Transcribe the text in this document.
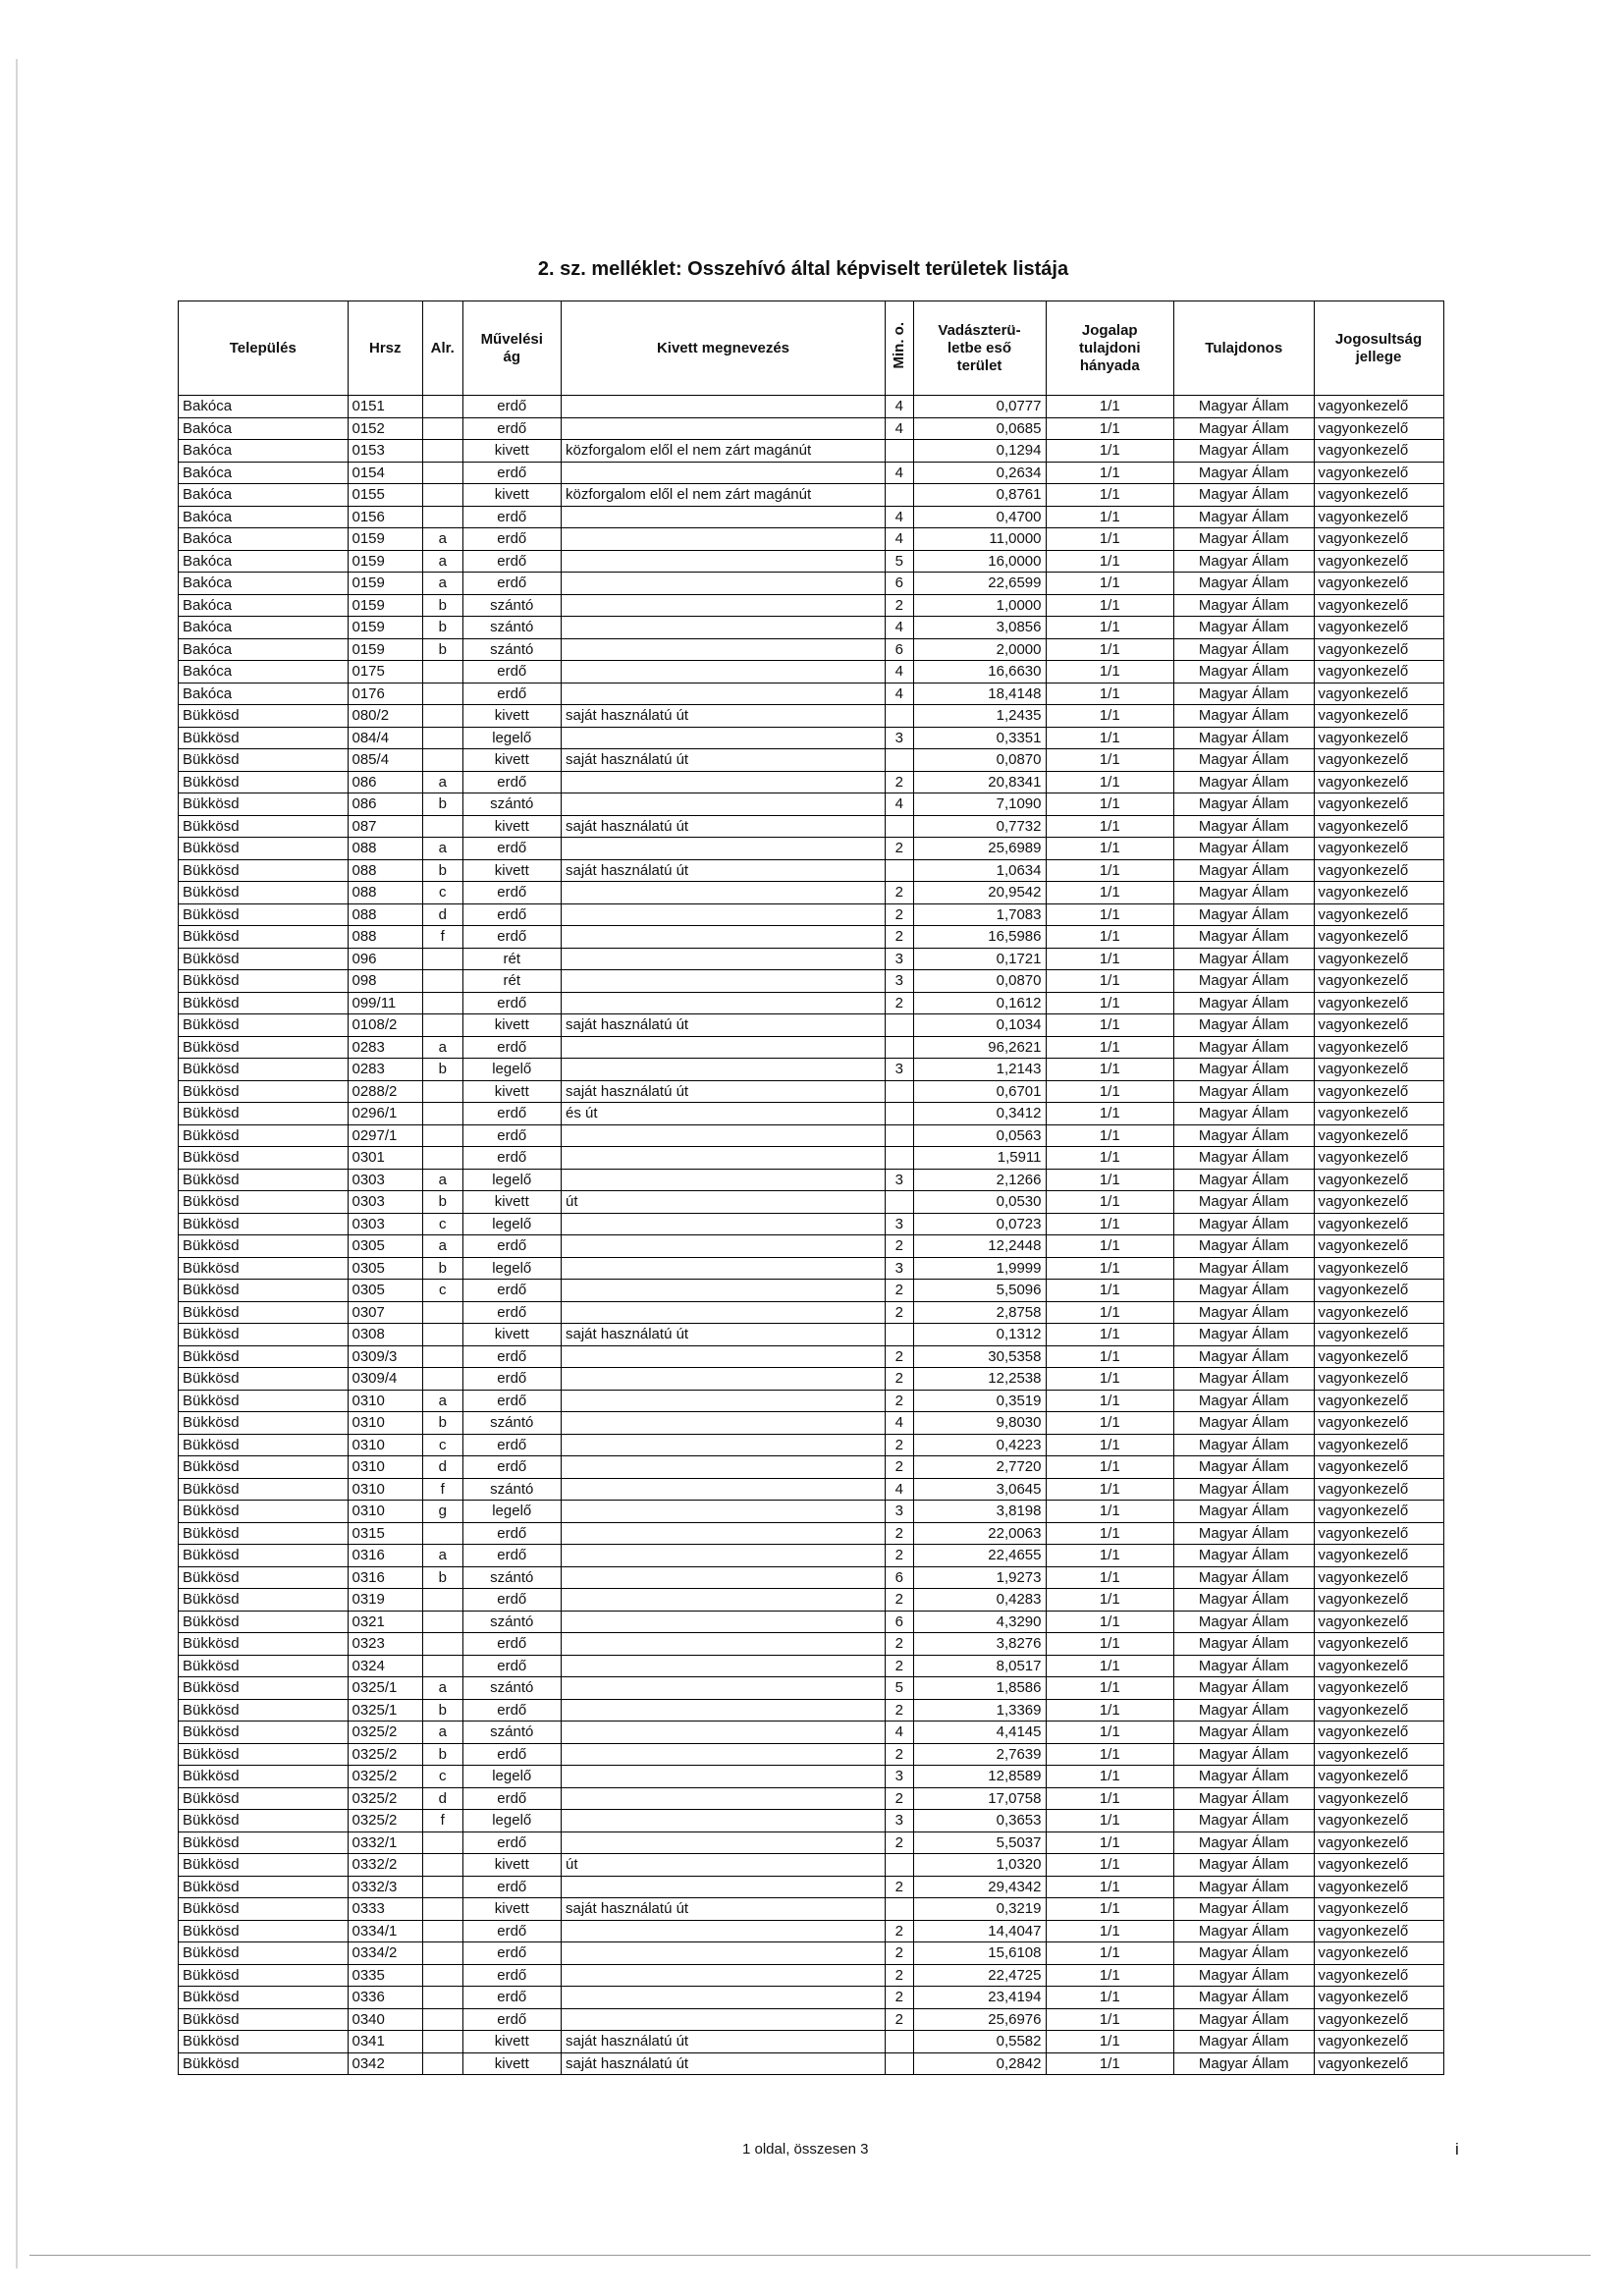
2. sz. melléklet: Osszehívó által képviselt területek listája
Település	Hrsz	Alr.	Művelési
ág	Kivett megnevezés	Min. o.	Vadászterü-
letbe eső
terület	Jogalap
tulajdoni
hányada	Tulajdonos	Jogosultság
jellege
Bakóca	0151		erdő		4	0,0777	1/1	Magyar Állam	vagyonkezelő
Bakóca	0152		erdő		4	0,0685	1/1	Magyar Állam	vagyonkezelő
Bakóca	0153		kivett	közforgalom elől el nem zárt magánút		0,1294	1/1	Magyar Állam	vagyonkezelő
Bakóca	0154		erdő		4	0,2634	1/1	Magyar Állam	vagyonkezelő
Bakóca	0155		kivett	közforgalom elől el nem zárt magánút		0,8761	1/1	Magyar Állam	vagyonkezelő
Bakóca	0156		erdő		4	0,4700	1/1	Magyar Állam	vagyonkezelő
Bakóca	0159	a	erdő		4	11,0000	1/1	Magyar Állam	vagyonkezelő
Bakóca	0159	a	erdő		5	16,0000	1/1	Magyar Állam	vagyonkezelő
Bakóca	0159	a	erdő		6	22,6599	1/1	Magyar Állam	vagyonkezelő
Bakóca	0159	b	szántó		2	1,0000	1/1	Magyar Állam	vagyonkezelő
Bakóca	0159	b	szántó		4	3,0856	1/1	Magyar Állam	vagyonkezelő
Bakóca	0159	b	szántó		6	2,0000	1/1	Magyar Állam	vagyonkezelő
Bakóca	0175		erdő		4	16,6630	1/1	Magyar Állam	vagyonkezelő
Bakóca	0176		erdő		4	18,4148	1/1	Magyar Állam	vagyonkezelő
Bükkösd	080/2		kivett	saját használatú út		1,2435	1/1	Magyar Állam	vagyonkezelő
Bükkösd	084/4		legelő		3	0,3351	1/1	Magyar Állam	vagyonkezelő
Bükkösd	085/4		kivett	saját használatú út		0,0870	1/1	Magyar Állam	vagyonkezelő
Bükkösd	086	a	erdő		2	20,8341	1/1	Magyar Állam	vagyonkezelő
Bükkösd	086	b	szántó		4	7,1090	1/1	Magyar Állam	vagyonkezelő
Bükkösd	087		kivett	saját használatú út		0,7732	1/1	Magyar Állam	vagyonkezelő
Bükkösd	088	a	erdő		2	25,6989	1/1	Magyar Állam	vagyonkezelő
Bükkösd	088	b	kivett	saját használatú út		1,0634	1/1	Magyar Állam	vagyonkezelő
Bükkösd	088	c	erdő		2	20,9542	1/1	Magyar Állam	vagyonkezelő
Bükkösd	088	d	erdő		2	1,7083	1/1	Magyar Állam	vagyonkezelő
Bükkösd	088	f	erdő		2	16,5986	1/1	Magyar Állam	vagyonkezelő
Bükkösd	096		rét		3	0,1721	1/1	Magyar Állam	vagyonkezelő
Bükkösd	098		rét		3	0,0870	1/1	Magyar Állam	vagyonkezelő
Bükkösd	099/11		erdő		2	0,1612	1/1	Magyar Állam	vagyonkezelő
Bükkösd	0108/2		kivett	saját használatú út		0,1034	1/1	Magyar Állam	vagyonkezelő
Bükkösd	0283	a	erdő			96,2621	1/1	Magyar Állam	vagyonkezelő
Bükkösd	0283	b	legelő		3	1,2143	1/1	Magyar Állam	vagyonkezelő
Bükkösd	0288/2		kivett	saját használatú út		0,6701	1/1	Magyar Állam	vagyonkezelő
Bükkösd	0296/1		erdő	és út		0,3412	1/1	Magyar Állam	vagyonkezelő
Bükkösd	0297/1		erdő			0,0563	1/1	Magyar Állam	vagyonkezelő
Bükkösd	0301		erdő			1,5911	1/1	Magyar Állam	vagyonkezelő
Bükkösd	0303	a	legelő		3	2,1266	1/1	Magyar Állam	vagyonkezelő
Bükkösd	0303	b	kivett	út		0,0530	1/1	Magyar Állam	vagyonkezelő
Bükkösd	0303	c	legelő		3	0,0723	1/1	Magyar Állam	vagyonkezelő
Bükkösd	0305	a	erdő		2	12,2448	1/1	Magyar Állam	vagyonkezelő
Bükkösd	0305	b	legelő		3	1,9999	1/1	Magyar Állam	vagyonkezelő
Bükkösd	0305	c	erdő		2	5,5096	1/1	Magyar Állam	vagyonkezelő
Bükkösd	0307		erdő		2	2,8758	1/1	Magyar Állam	vagyonkezelő
Bükkösd	0308		kivett	saját használatú út		0,1312	1/1	Magyar Állam	vagyonkezelő
Bükkösd	0309/3		erdő		2	30,5358	1/1	Magyar Állam	vagyonkezelő
Bükkösd	0309/4		erdő		2	12,2538	1/1	Magyar Állam	vagyonkezelő
Bükkösd	0310	a	erdő		2	0,3519	1/1	Magyar Állam	vagyonkezelő
Bükkösd	0310	b	szántó		4	9,8030	1/1	Magyar Állam	vagyonkezelő
Bükkösd	0310	c	erdő		2	0,4223	1/1	Magyar Állam	vagyonkezelő
Bükkösd	0310	d	erdő		2	2,7720	1/1	Magyar Állam	vagyonkezelő
Bükkösd	0310	f	szántó		4	3,0645	1/1	Magyar Állam	vagyonkezelő
Bükkösd	0310	g	legelő		3	3,8198	1/1	Magyar Állam	vagyonkezelő
Bükkösd	0315		erdő		2	22,0063	1/1	Magyar Állam	vagyonkezelő
Bükkösd	0316	a	erdő		2	22,4655	1/1	Magyar Állam	vagyonkezelő
Bükkösd	0316	b	szántó		6	1,9273	1/1	Magyar Állam	vagyonkezelő
Bükkösd	0319		erdő		2	0,4283	1/1	Magyar Állam	vagyonkezelő
Bükkösd	0321		szántó		6	4,3290	1/1	Magyar Állam	vagyonkezelő
Bükkösd	0323		erdő		2	3,8276	1/1	Magyar Állam	vagyonkezelő
Bükkösd	0324		erdő		2	8,0517	1/1	Magyar Állam	vagyonkezelő
Bükkösd	0325/1	a	szántó		5	1,8586	1/1	Magyar Állam	vagyonkezelő
Bükkösd	0325/1	b	erdő		2	1,3369	1/1	Magyar Állam	vagyonkezelő
Bükkösd	0325/2	a	szántó		4	4,4145	1/1	Magyar Állam	vagyonkezelő
Bükkösd	0325/2	b	erdő		2	2,7639	1/1	Magyar Állam	vagyonkezelő
Bükkösd	0325/2	c	legelő		3	12,8589	1/1	Magyar Állam	vagyonkezelő
Bükkösd	0325/2	d	erdő		2	17,0758	1/1	Magyar Állam	vagyonkezelő
Bükkösd	0325/2	f	legelő		3	0,3653	1/1	Magyar Állam	vagyonkezelő
Bükkösd	0332/1		erdő		2	5,5037	1/1	Magyar Állam	vagyonkezelő
Bükkösd	0332/2		kivett	út		1,0320	1/1	Magyar Állam	vagyonkezelő
Bükkösd	0332/3		erdő		2	29,4342	1/1	Magyar Állam	vagyonkezelő
Bükkösd	0333		kivett	saját használatú út		0,3219	1/1	Magyar Állam	vagyonkezelő
Bükkösd	0334/1		erdő		2	14,4047	1/1	Magyar Állam	vagyonkezelő
Bükkösd	0334/2		erdő		2	15,6108	1/1	Magyar Állam	vagyonkezelő
Bükkösd	0335		erdő		2	22,4725	1/1	Magyar Állam	vagyonkezelő
Bükkösd	0336		erdő		2	23,4194	1/1	Magyar Állam	vagyonkezelő
Bükkösd	0340		erdő		2	25,6976	1/1	Magyar Állam	vagyonkezelő
Bükkösd	0341		kivett	saját használatú út		0,5582	1/1	Magyar Állam	vagyonkezelő
Bükkösd	0342		kivett	saját használatú út		0,2842	1/1	Magyar Állam	vagyonkezelő
1 oldal, összesen 3	i
